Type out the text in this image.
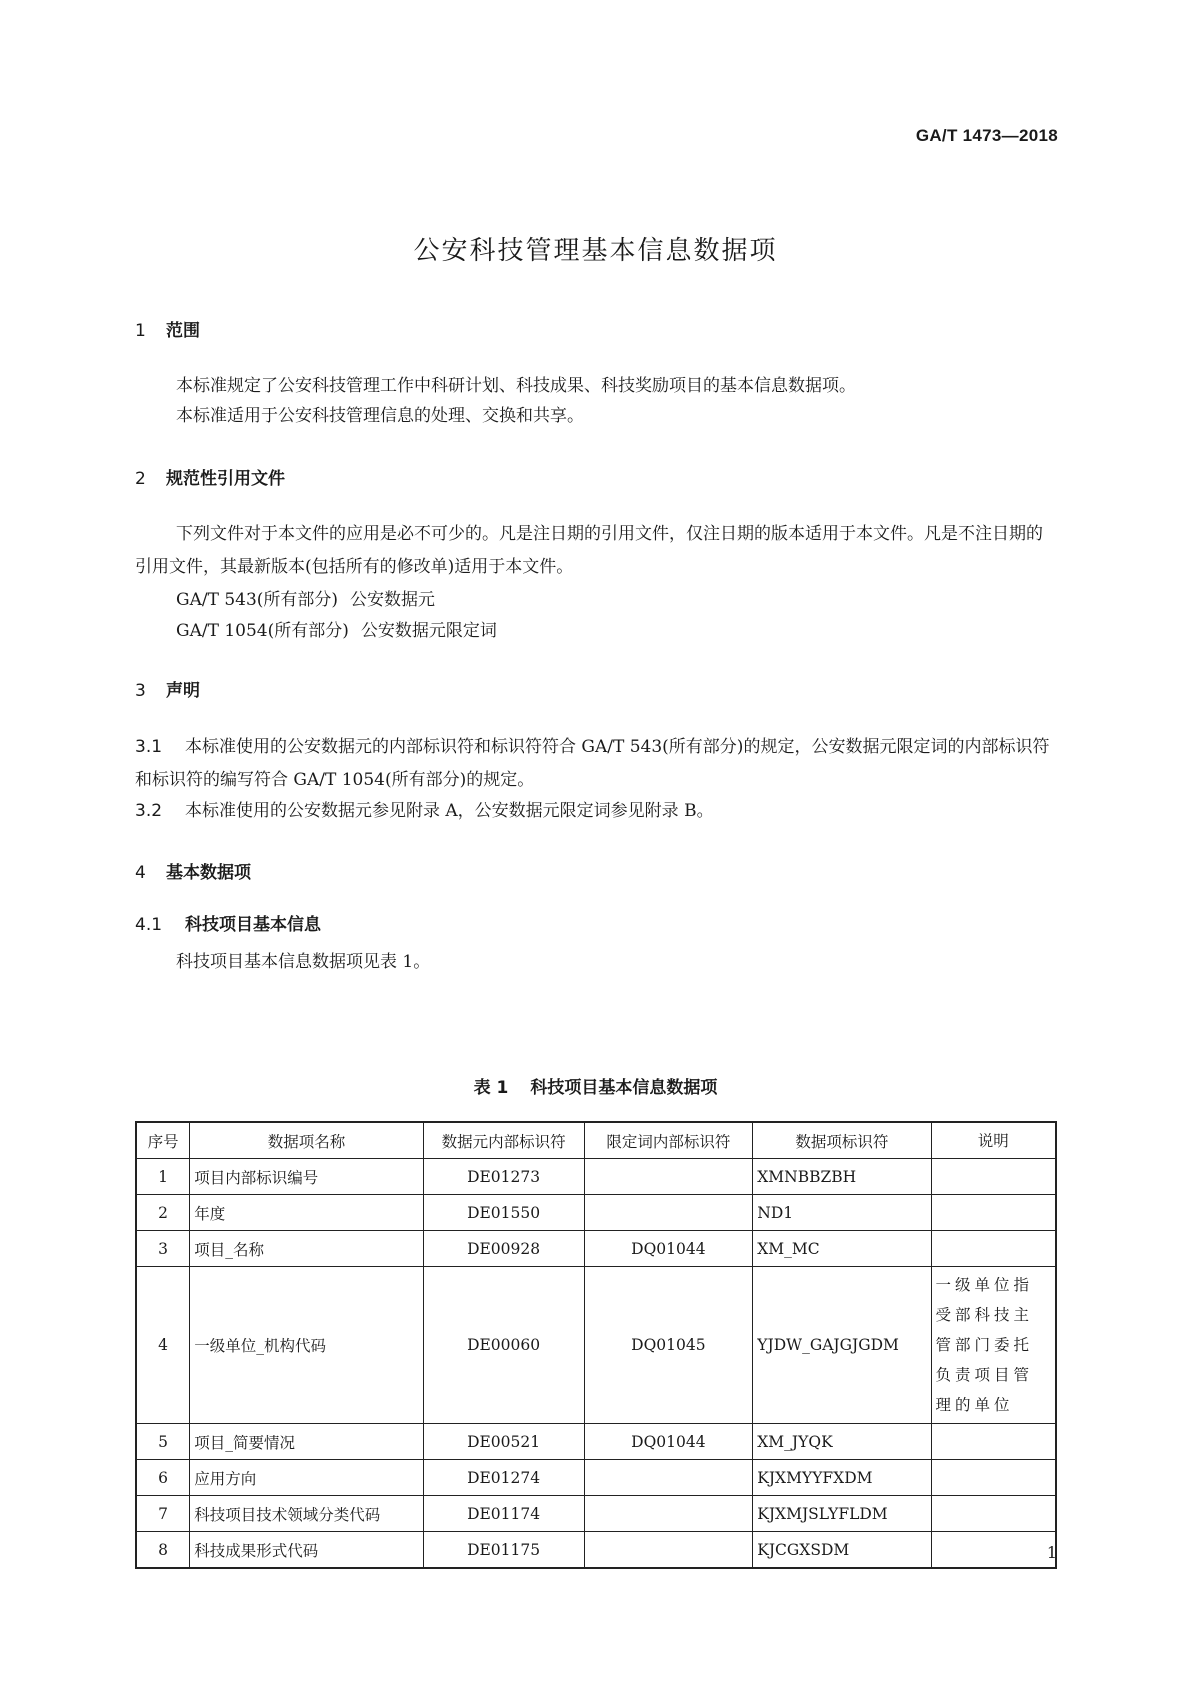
GA/T 1473—2018
公安科技管理基本信息数据项
1 范围
本标准规定了公安科技管理工作中科研计划、科技成果、科技奖励项目的基本信息数据项。
本标准适用于公安科技管理信息的处理、交换和共享。
2 规范性引用文件
下列文件对于本文件的应用是必不可少的。凡是注日期的引用文件，仅注日期的版本适用于本文件。凡是不注日期的引用文件，其最新版本(包括所有的修改单)适用于本文件。
GA/T 543(所有部分) 公安数据元
GA/T 1054(所有部分) 公安数据元限定词
3 声明
3.1 本标准使用的公安数据元的内部标识符和标识符符合 GA/T 543(所有部分)的规定，公安数据元限定词的内部标识符和标识符的编写符合 GA/T 1054(所有部分)的规定。
3.2 本标准使用的公安数据元参见附录 A，公安数据元限定词参见附录 B。
4 基本数据项
4.1 科技项目基本信息
科技项目基本信息数据项见表 1。
表 1 科技项目基本信息数据项
序号	数据项名称	数据元内部标识符	限定词内部标识符	数据项标识符	说明
1	项目内部标识编号	DE01273		XMNBBZBH	
2	年度	DE01550		ND1	
3	项目_名称	DE00928	DQ01044	XM_MC	
4	一级单位_机构代码	DE00060	DQ01045	YJDW_GAJGJGDM	一级单位指受部科技主管部门委托负责项目管理的单位
5	项目_简要情况	DE00521	DQ01044	XM_JYQK	
6	应用方向	DE01274		KJXMYYFXDM	
7	科技项目技术领域分类代码	DE01174		KJXMJSLYFLDM	
8	科技成果形式代码	DE01175		KJCGXSDM		1
